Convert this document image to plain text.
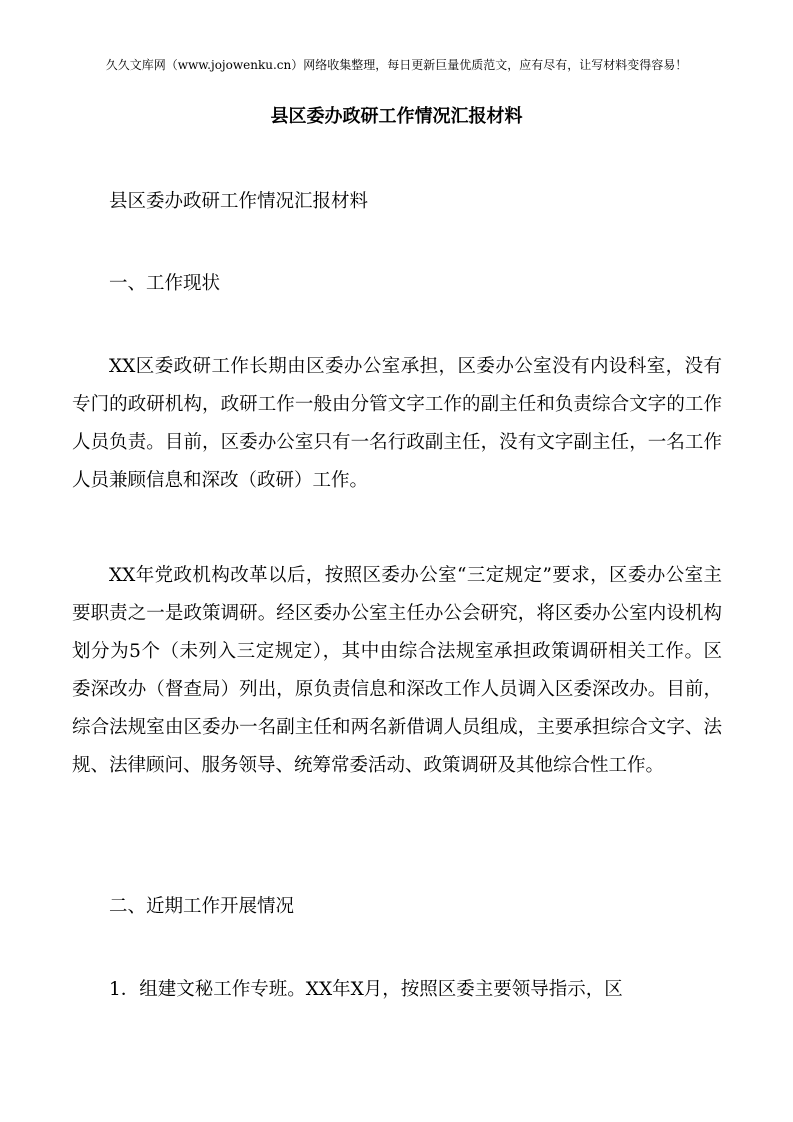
久久文库网（www.jojowenku.cn）网络收集整理，每日更新巨量优质范文，应有尽有，让写材料变得容易！
县区委办政研工作情况汇报材料

县区委办政研工作情况汇报材料

一、工作现状

XX区委政研工作长期由区委办公室承担，区委办公室没有内设科室，没有专门的政研机构，政研工作一般由分管文字工作的副主任和负责综合文字的工作人员负责。目前，区委办公室只有一名行政副主任，没有文字副主任，一名工作人员兼顾信息和深改（政研）工作。

XX年党政机构改革以后，按照区委办公室“三定规定”要求，区委办公室主要职责之一是政策调研。经区委办公室主任办公会研究，将区委办公室内设机构划分为5个（未列入三定规定），其中由综合法规室承担政策调研相关工作。区委深改办（督查局）列出，原负责信息和深改工作人员调入区委深改办。目前，综合法规室由区委办一名副主任和两名新借调人员组成，主要承担综合文字、法规、法律顾问、服务领导、统筹常委活动、政策调研及其他综合性工作。

二、近期工作开展情况

1．组建文秘工作专班。XX年X月，按照区委主要领导指示，区
